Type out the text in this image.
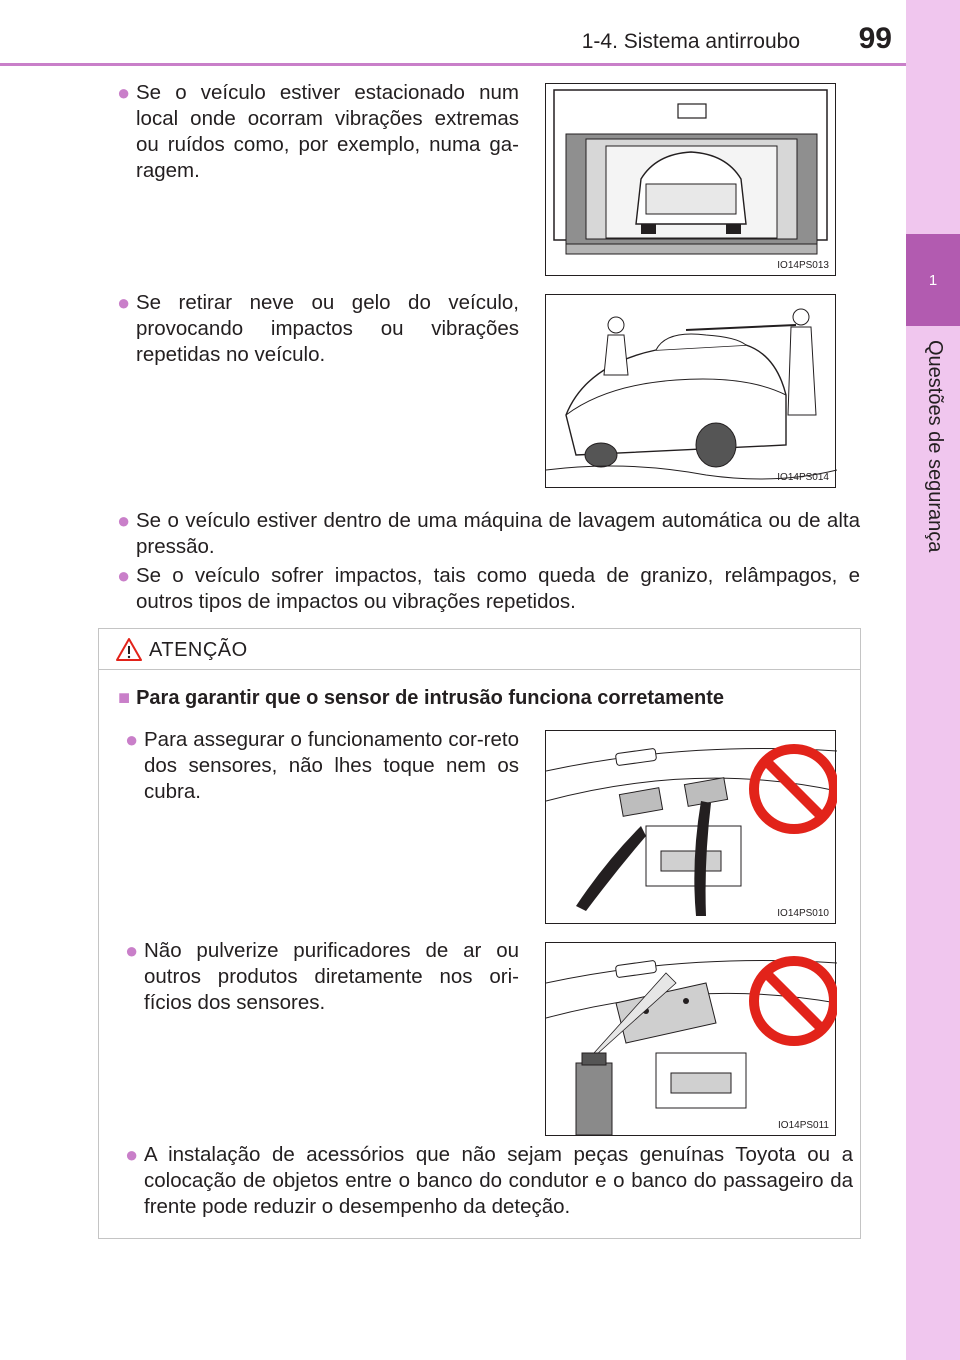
1-4. Sistema antirroubo	99
1
Questões de segurança
● Se o veículo estiver estacionado num local onde ocorram vibrações extremas ou ruídos como, por exemplo, numa ga-ragem.
IO14PS013
● Se retirar neve ou gelo do veículo, provocando impactos ou vibrações repetidas no veículo.
IO14PS014
● Se o veículo estiver dentro de uma máquina de lavagem automática ou de alta pressão.
● Se o veículo sofrer impactos, tais como queda de granizo, relâmpagos, e outros tipos de impactos ou vibrações repetidos.
ATENÇÃO
■ Para garantir que o sensor de intrusão funciona corretamente
● Para assegurar o funcionamento cor-reto dos sensores, não lhes toque nem os cubra.
IO14PS010
● Não pulverize purificadores de ar ou outros produtos diretamente nos ori-fícios dos sensores.
IO14PS011
● A instalação de acessórios que não sejam peças genuínas Toyota ou a colocação de objetos entre o banco do condutor e o banco do passageiro da frente pode reduzir o desempenho da deteção.
